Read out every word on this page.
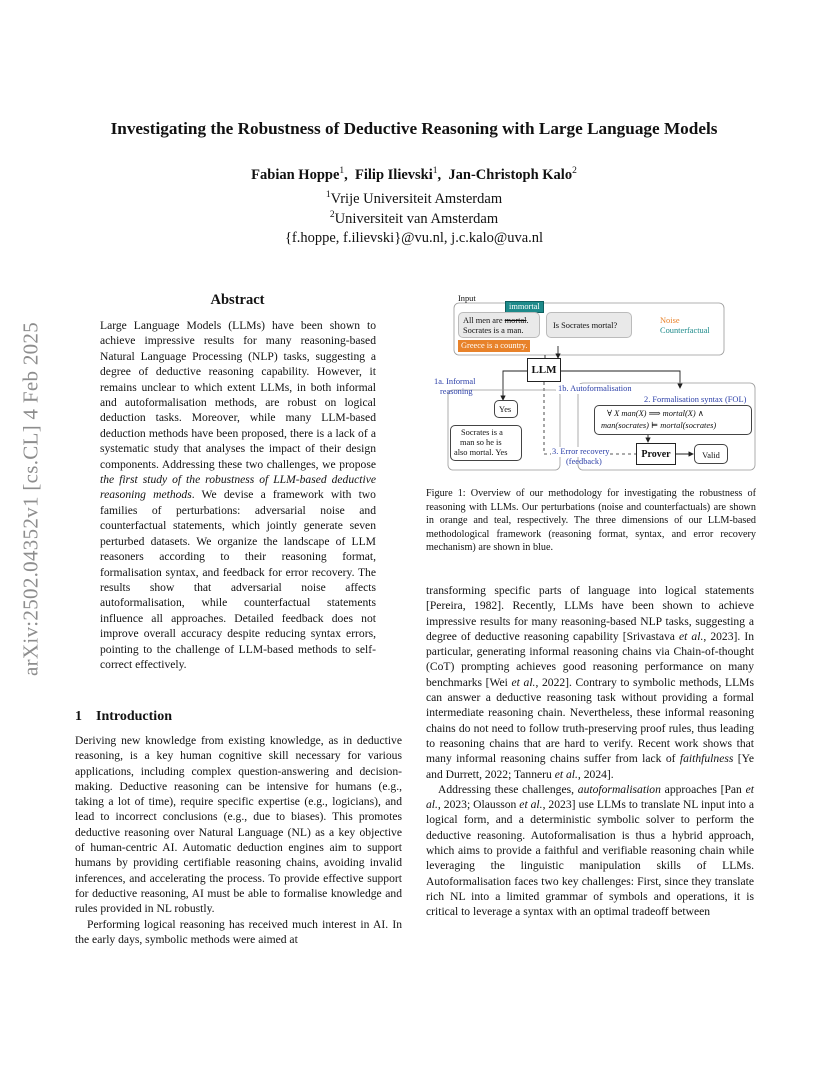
arXiv:2502.04352v1 [cs.CL] 4 Feb 2025
Investigating the Robustness of Deductive Reasoning with Large Language Models
Fabian Hoppe$^1$,  Filip Ilievski$^1$,  Jan-Christoph Kalo$^2$
$^1$Vrije Universiteit Amsterdam
$^2$Universiteit van Amsterdam
{f.hoppe, f.ilievski}@vu.nl, j.c.kalo@uva.nl
Abstract
Large Language Models (LLMs) have been shown to achieve impressive results for many reasoning-based Natural Language Processing (NLP) tasks, suggesting a degree of deductive reasoning capability. However, it remains unclear to which extent LLMs, in both informal and autoformalisation methods, are robust on logical deduction tasks. Moreover, while many LLM-based deduction methods have been proposed, there is a lack of a systematic study that analyses the impact of their design components. Addressing these two challenges, we propose the first study of the robustness of LLM-based deductive reasoning methods. We devise a framework with two families of perturbations: adversarial noise and counterfactual statements, which jointly generate seven perturbed datasets. We organize the landscape of LLM reasoners according to their reasoning format, formalisation syntax, and feedback for error recovery. The results show that adversarial noise affects autoformalisation, while counterfactual statements influence all approaches. Detailed feedback does not improve overall accuracy despite reducing syntax errors, pointing to the challenge of LLM-based methods to self-correct effectively.
1 Introduction

Deriving new knowledge from existing knowledge, as in deductive reasoning, is a key human cognitive skill necessary for various applications, including complex question-answering and decision-making. Deductive reasoning can be intensive for humans (e.g., taking a lot of time), require specific expertise (e.g., logicians), and lead to incorrect conclusions (e.g., due to biases). This promotes deductive reasoning over Natural Language (NL) as a key objective of human-centric AI. Automatic deduction engines aim to support humans by providing certifiable reasoning chains, avoiding invalid inferences, and accelerating the process. To provide effective support for deductive reasoning, AI must be able to formalise knowledge and rules provided in NL robustly.

Performing logical reasoning has received much interest in AI. In the early days, symbolic methods were aimed at

Input
immortal
All men are mortal.
Socrates is a man.
Is Socrates mortal?
Greece is a country.
Noise
Counterfactual
LLM
1a. Informal
reasoning
Yes
Socrates is a
man so he is
also mortal. Yes
1b. Autoformalisation
2. Formalisation syntax (FOL)
∀ X man(X) ⟹ mortal(X) ∧
man(socrates) ⊨ mortal(socrates)
3. Error recovery
(feedback)
Prover	Valid
Figure 1: Overview of our methodology for investigating the robustness of reasoning with LLMs. Our perturbations (noise and counterfactuals) are shown in orange and teal, respectively. The three dimensions of our LLM-based methodological framework (reasoning format, syntax, and error recovery mechanism) are shown in blue.

transforming specific parts of language into logical statements [Pereira, 1982]. Recently, LLMs have been shown to achieve impressive results for many reasoning-based NLP tasks, suggesting a degree of deductive reasoning capability [Srivastava et al., 2023]. In particular, generating informal reasoning chains via Chain-of-thought (CoT) prompting achieves good reasoning performance on many benchmarks [Wei et al., 2022]. Contrary to symbolic methods, LLMs can answer a deductive reasoning task without providing a formal intermediate reasoning chain. Nevertheless, these informal reasoning chains do not need to follow truth-preserving proof rules, thus leading to reasoning chains that are hard to verify. Recent work shows that many informal reasoning chains suffer from lack of faithfulness [Ye and Durrett, 2022; Tanneru et al., 2024].

Addressing these challenges, autoformalisation approaches [Pan et al., 2023; Olausson et al., 2023] use LLMs to translate NL input into a logical form, and a deterministic symbolic solver to perform the deductive reasoning. Autoformalisation is thus a hybrid approach, which aims to provide a faithful and verifiable reasoning chain while leveraging the linguistic manipulation skills of LLMs. Autoformalisation faces two key challenges: First, since they translate rich NL into a limited grammar of symbols and operations, it is critical to leverage a syntax with an optimal tradeoff between
